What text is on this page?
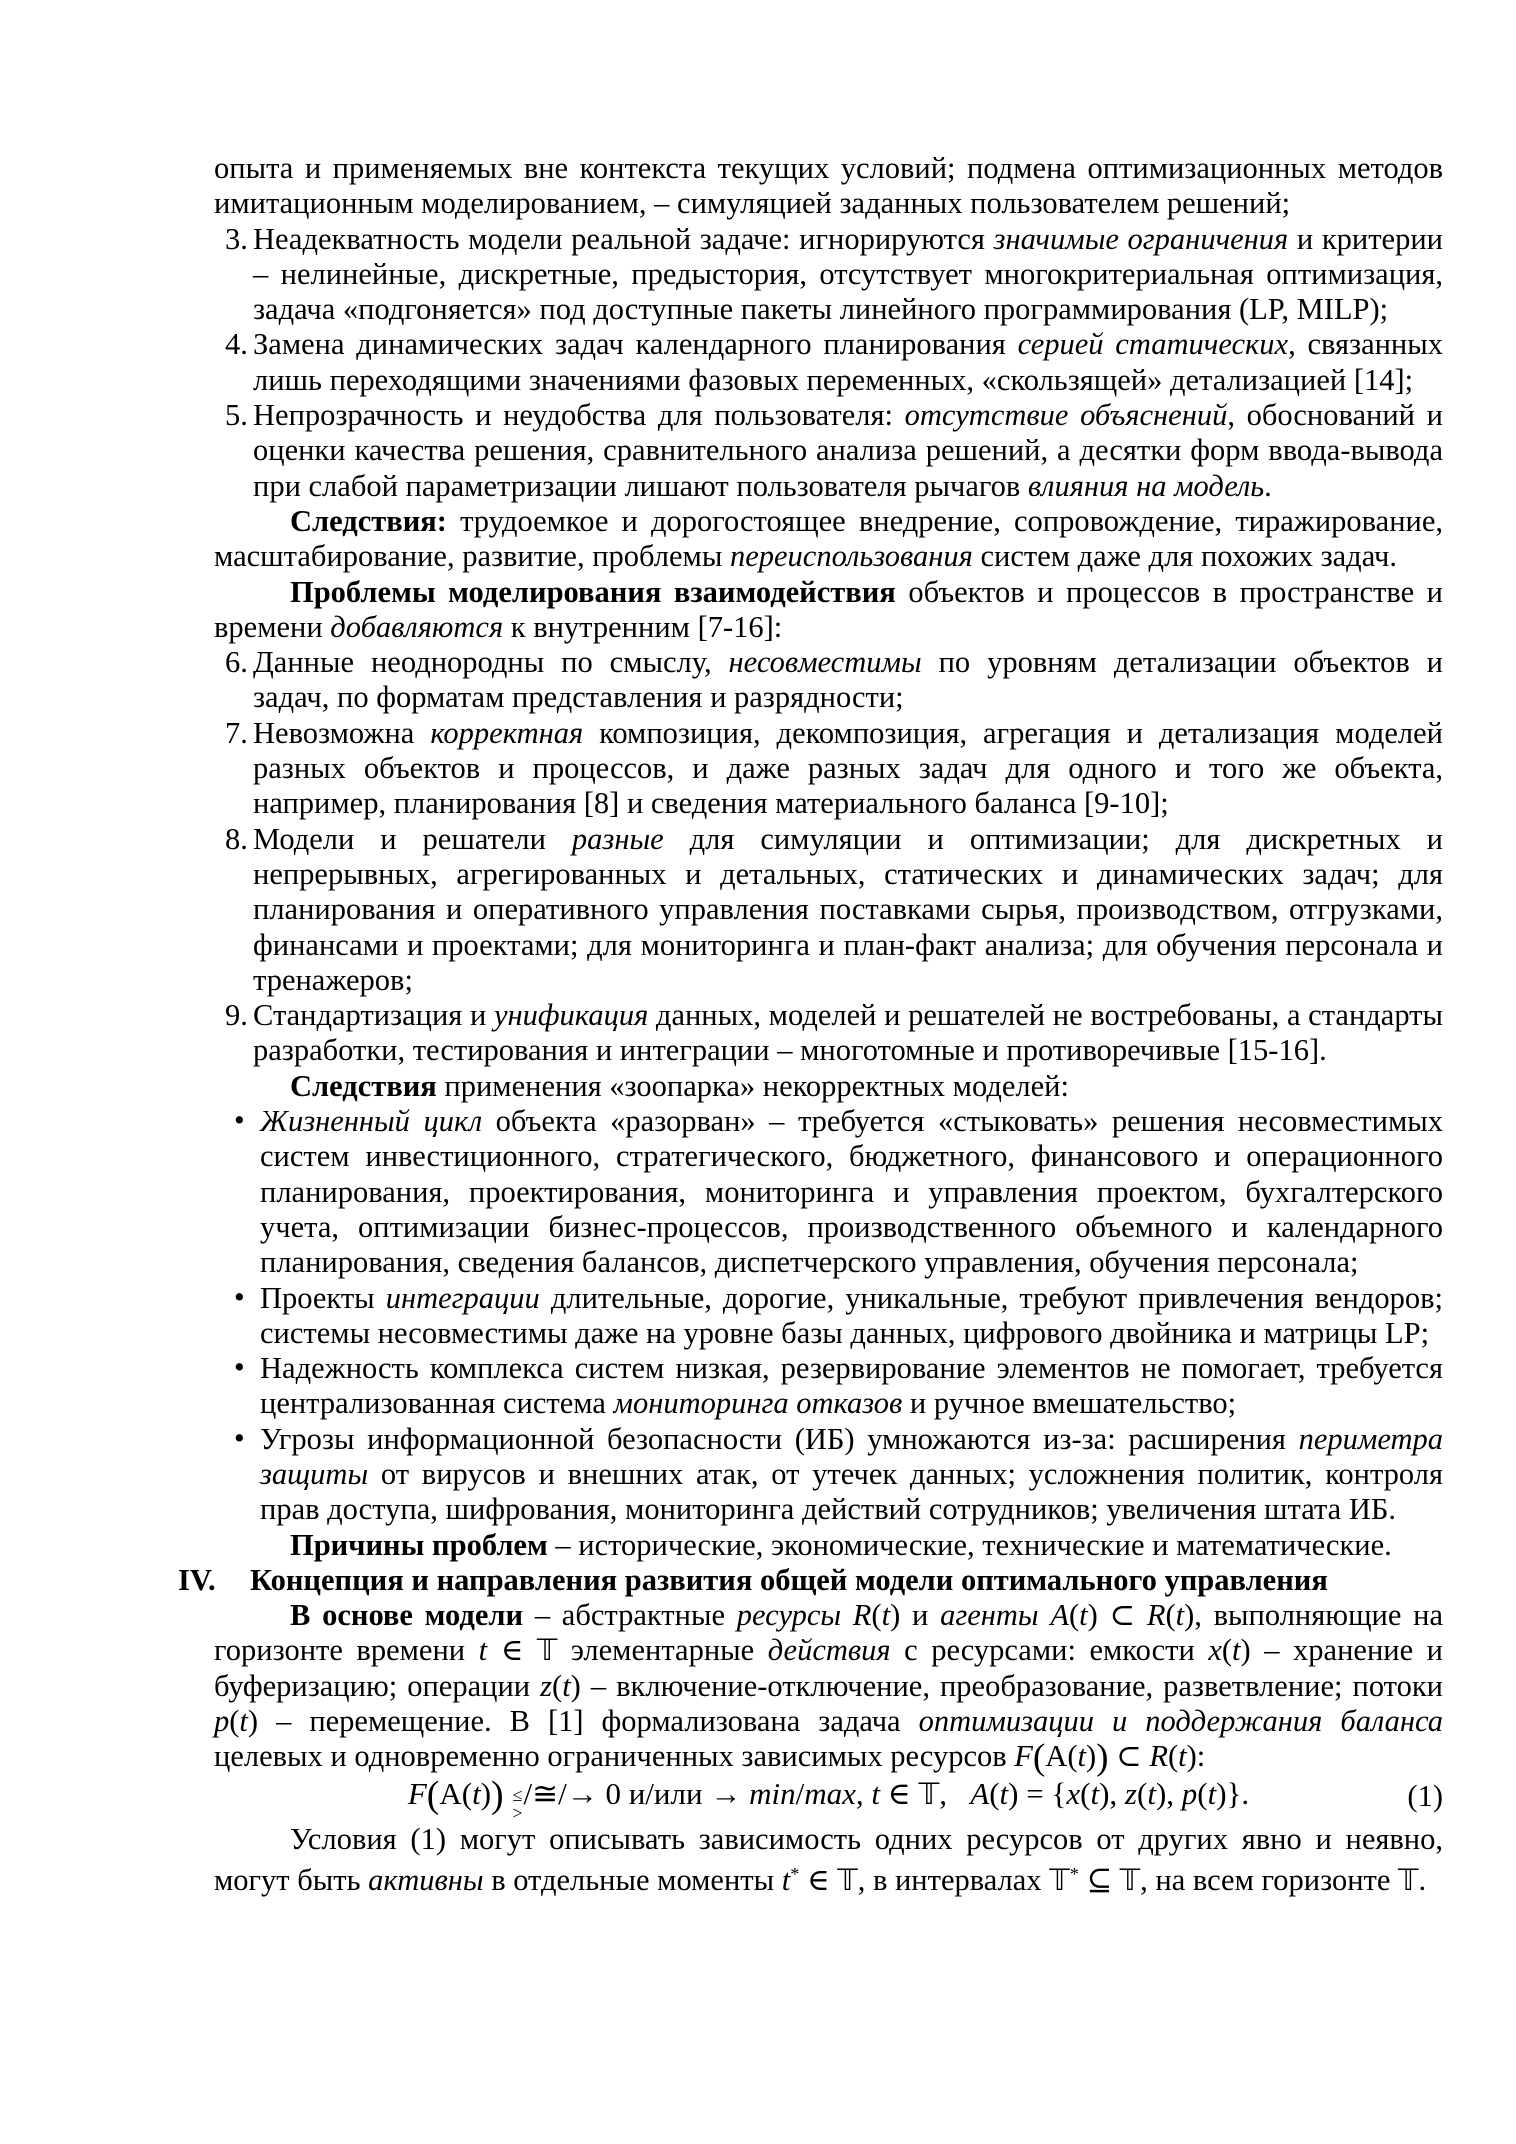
опыта и применяемых вне контекста текущих условий; подмена оптимизационных методов имитационным моделированием, – симуляцией заданных пользователем решений;
3. Неадекватность модели реальной задаче: игнорируются значимые ограничения и критерии – нелинейные, дискретные, предыстория, отсутствует многокритериальная оптимизация, задача «подгоняется» под доступные пакеты линейного программирования (LP, MILP);
4. Замена динамических задач календарного планирования серией статических, связанных лишь переходящими значениями фазовых переменных, «скользящей» детализацией [14];
5. Непрозрачность и неудобства для пользователя: отсутствие объяснений, обоснований и оценки качества решения, сравнительного анализа решений, а десятки форм ввода-вывода при слабой параметризации лишают пользователя рычагов влияния на модель.
Следствия: трудоемкое и дорогостоящее внедрение, сопровождение, тиражирование, масштабирование, развитие, проблемы переиспользования систем даже для похожих задач.
Проблемы моделирования взаимодействия объектов и процессов в пространстве и времени добавляются к внутренним [7-16]:
6. Данные неоднородны по смыслу, несовместимы по уровням детализации объектов и задач, по форматам представления и разрядности;
7. Невозможна корректная композиция, декомпозиция, агрегация и детализация моделей разных объектов и процессов, и даже разных задач для одного и того же объекта, например, планирования [8] и сведения материального баланса [9-10];
8. Модели и решатели разные для симуляции и оптимизации; для дискретных и непрерывных, агрегированных и детальных, статических и динамических задач; для планирования и оперативного управления поставками сырья, производством, отгрузками, финансами и проектами; для мониторинга и план-факт анализа; для обучения персонала и тренажеров;
9. Стандартизация и унификация данных, моделей и решателей не востребованы, а стандарты разработки, тестирования и интеграции – многотомные и противоречивые [15-16].
Следствия применения «зоопарка» некорректных моделей:
• Жизненный цикл объекта «разорван» – требуется «стыковать» решения несовместимых систем инвестиционного, стратегического, бюджетного, финансового и операционного планирования, проектирования, мониторинга и управления проектом, бухгалтерского учета, оптимизации бизнес-процессов, производственного объемного и календарного планирования, сведения балансов, диспетчерского управления, обучения персонала;
• Проекты интеграции длительные, дорогие, уникальные, требуют привлечения вендоров; системы несовместимы даже на уровне базы данных, цифрового двойника и матрицы LP;
• Надежность комплекса систем низкая, резервирование элементов не помогает, требуется централизованная система мониторинга отказов и ручное вмешательство;
• Угрозы информационной безопасности (ИБ) умножаются из-за: расширения периметра защиты от вирусов и внешних атак, от утечек данных; усложнения политик, контроля прав доступа, шифрования, мониторинга действий сотрудников; увеличения штата ИБ.
Причины проблем – исторические, экономические, технические и математические.
IV. Концепция и направления развития общей модели оптимального управления
В основе модели – абстрактные ресурсы R(t) и агенты A(t) ⊂ R(t), выполняющие на горизонте времени t ∈ 𝕋 элементарные действия с ресурсами: емкости x(t) – хранение и буферизацию; операции z(t) – включение-отключение, преобразование, разветвление; потоки p(t) – перемещение. В [1] формализована задача оптимизации и поддержания баланса целевых и одновременно ограниченных зависимых ресурсов F(A(t)) ⊂ R(t):
F(A(t)) ≤
>
/≅/→ 0 и/или → min/max, t ∈ 𝕋,   A(t) = {x(t), z(t), p(t)}.	(1)
Условия (1) могут описывать зависимость одних ресурсов от других явно и неявно, могут быть активны в отдельные моменты t* ∈ 𝕋, в интервалах 𝕋* ⊆ 𝕋, на всем горизонте 𝕋.
